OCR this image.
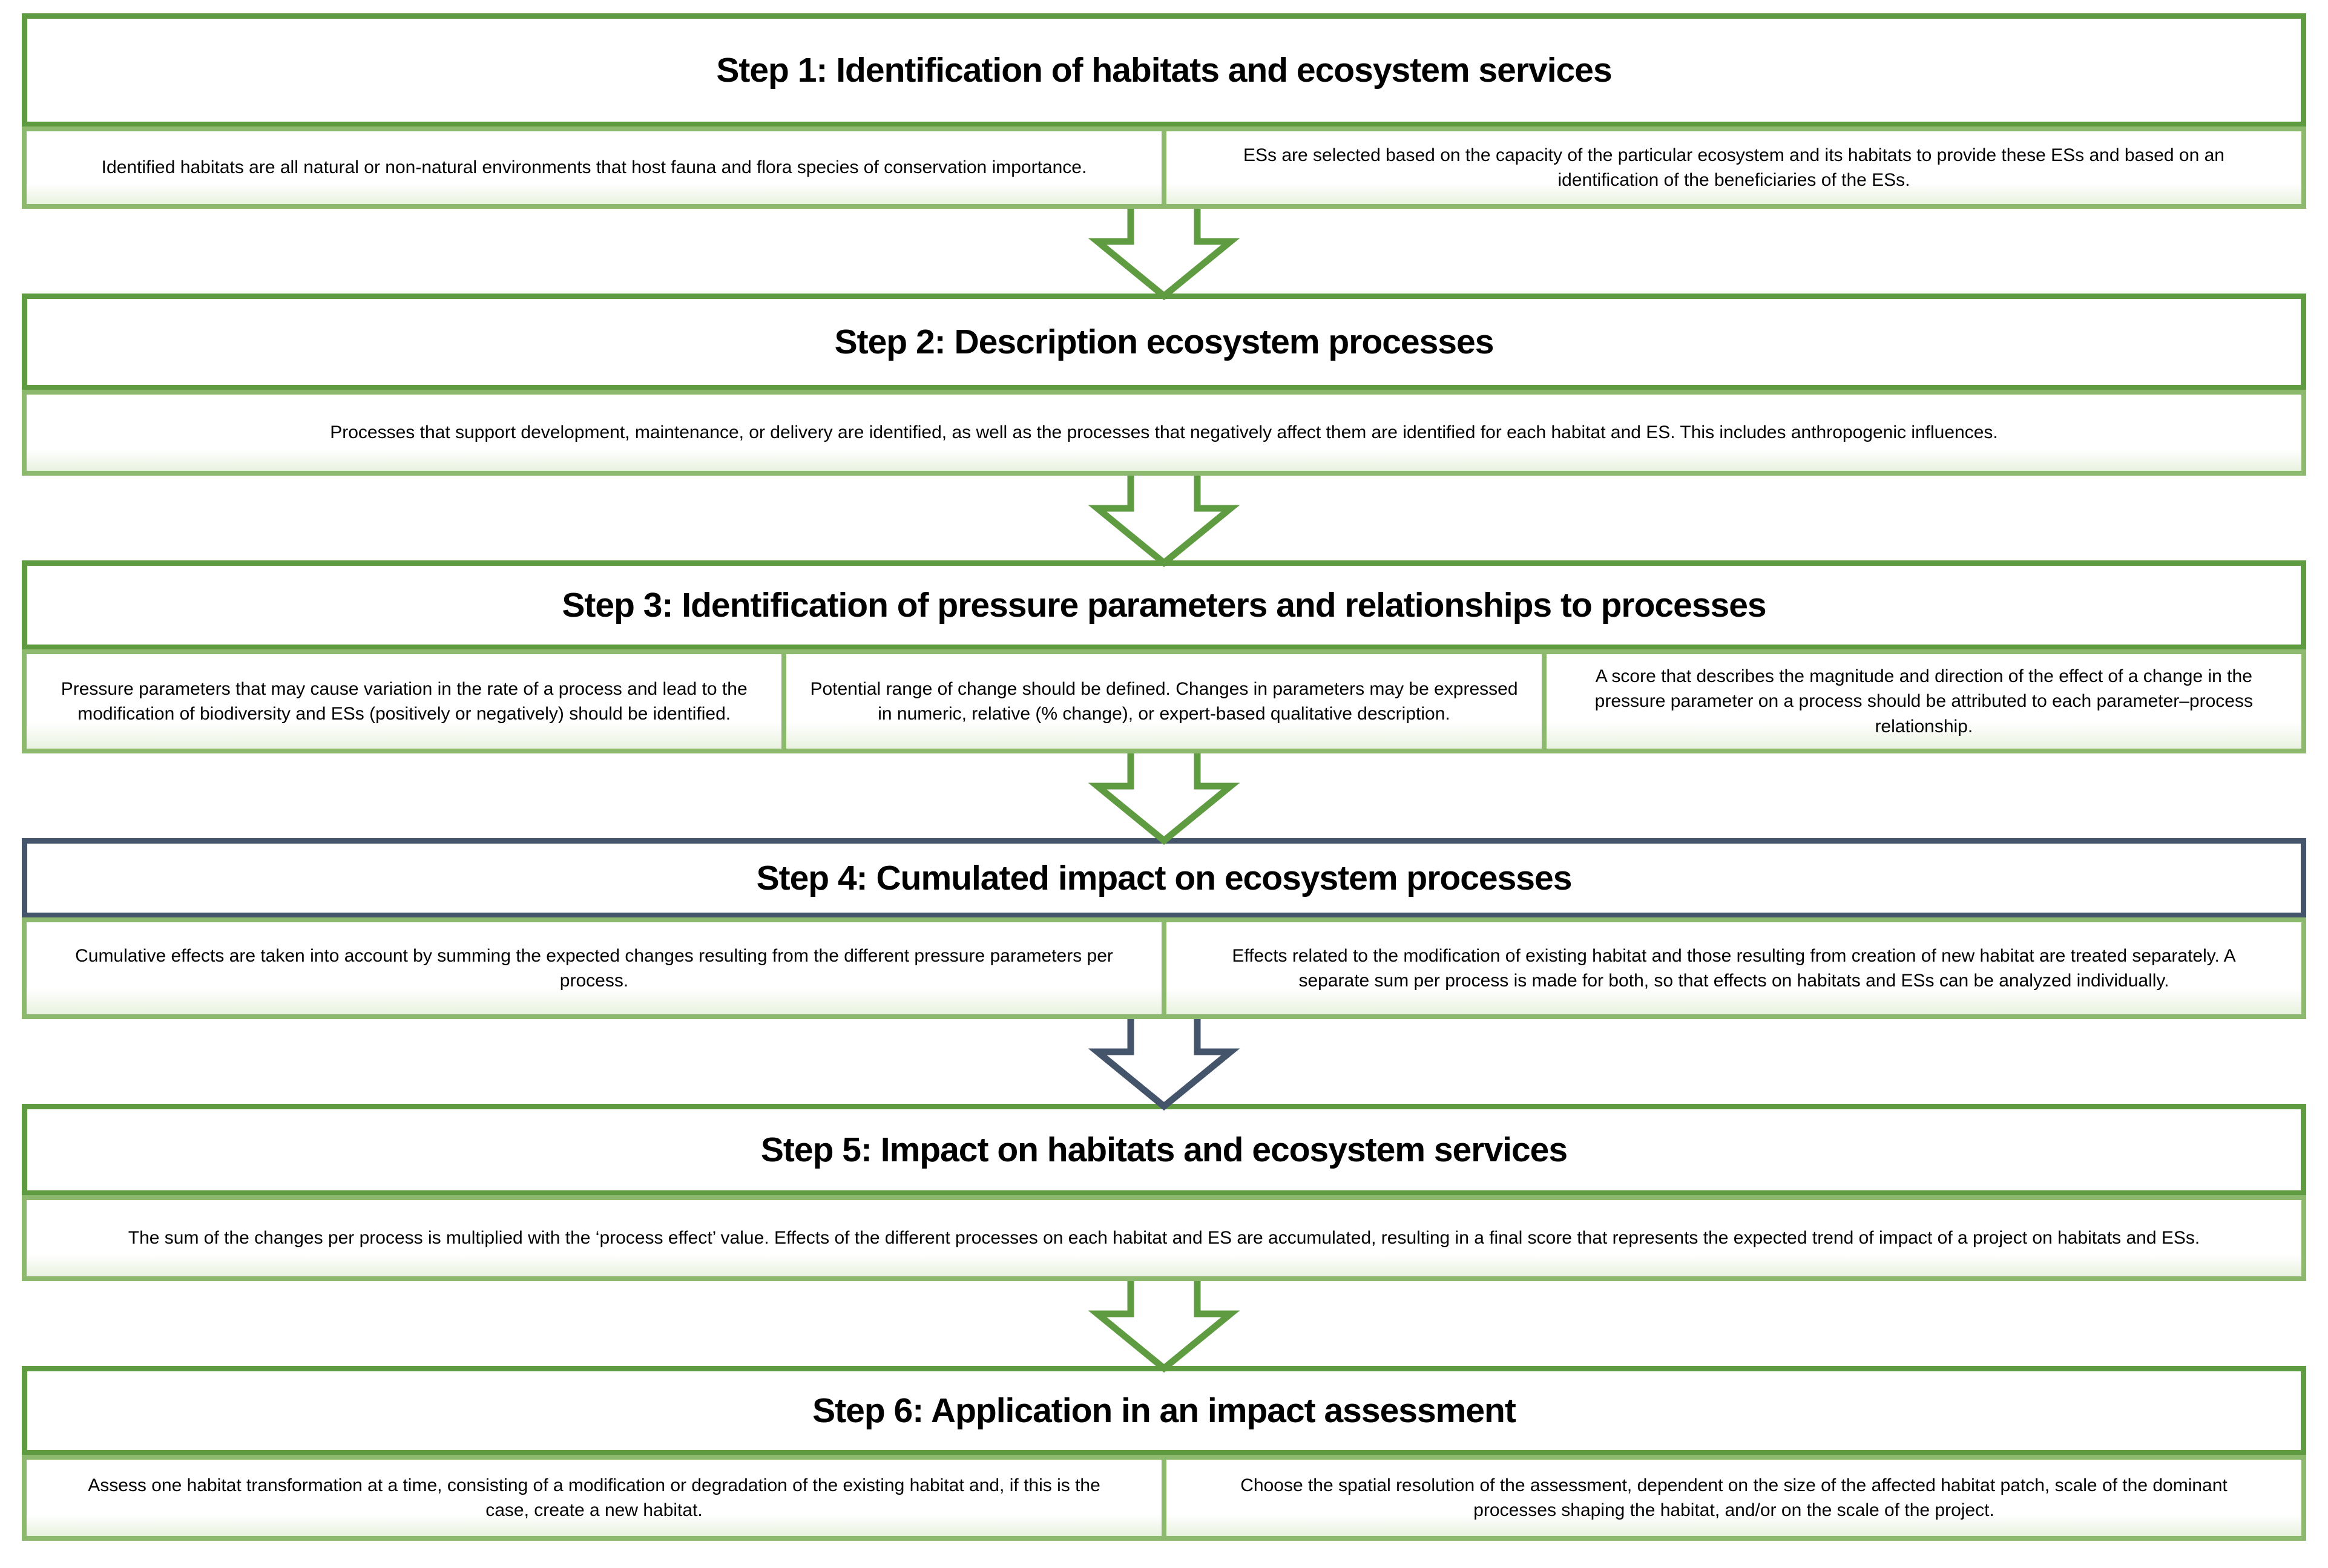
Step 1: Identification of habitats and ecosystem services
Identified habitats are all natural or non-natural environments that host fauna and flora species of conservation importance.
ESs are selected based on the capacity of the particular ecosystem and its habitats to provide these ESs and based on an identification of the beneficiaries of the ESs.
Step 2: Description ecosystem processes
Processes that support development, maintenance, or delivery are identified, as well as the processes that negatively affect them are identified for each habitat and ES. This includes anthropogenic influences.
Step 3: Identification of pressure parameters and relationships to processes
Pressure parameters that may cause variation in the rate of a process and lead to the modification of biodiversity and ESs (positively or negatively) should be identified.
Potential range of change should be defined. Changes in parameters may be expressed in numeric, relative (% change), or expert-based qualitative description.
A score that describes the magnitude and direction of the effect of a change in the pressure parameter on a process should be attributed to each parameter–process relationship.
Step 4: Cumulated impact on ecosystem processes
Cumulative effects are taken into account by summing the expected changes resulting from the different pressure parameters per process.
Effects related to the modification of existing habitat and those resulting from creation of new habitat are treated separately. A separate sum per process is made for both, so that effects on habitats and ESs can be analyzed individually.
Step 5: Impact on habitats and ecosystem services
The sum of the changes per process is multiplied with the ‘process effect’ value. Effects of the different processes on each habitat and ES are accumulated, resulting in a final score that represents the expected trend of impact of a project on habitats and ESs.
Step 6: Application in an impact assessment
Assess one habitat transformation at a time, consisting of a modification or degradation of the existing habitat and, if this is the case, create a new habitat.
Choose the spatial resolution of the assessment, dependent on the size of the affected habitat patch, scale of the dominant processes shaping the habitat, and/or on the scale of the project.
